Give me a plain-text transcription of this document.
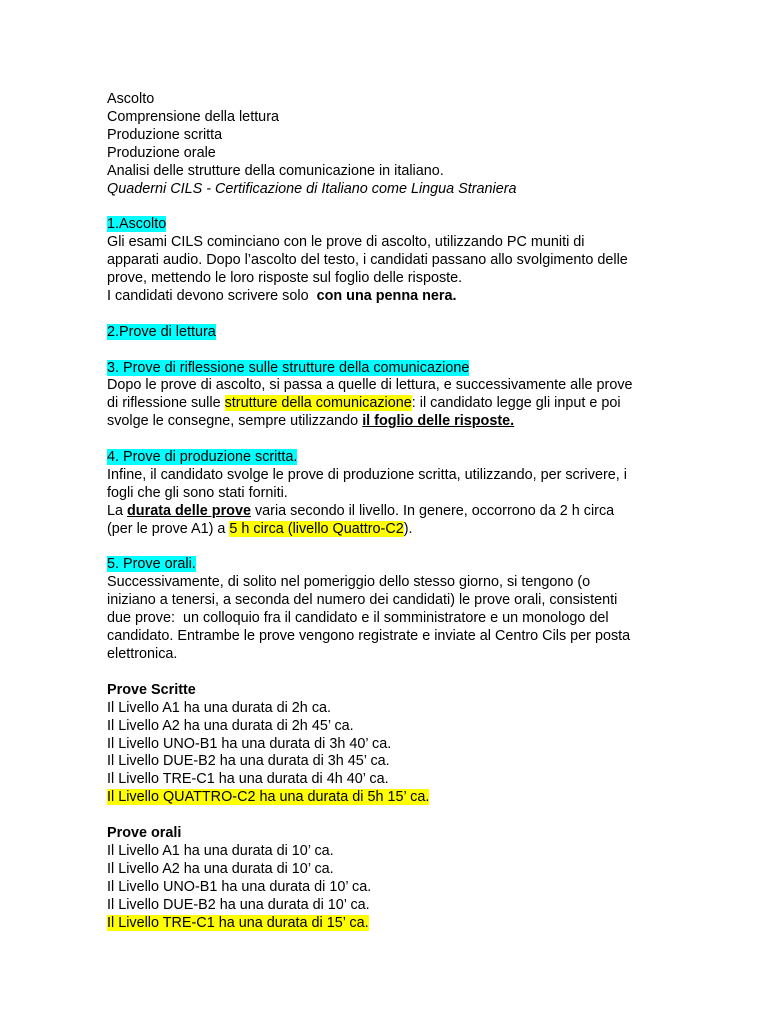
Ascolto
Comprensione della lettura
Produzione scritta
Produzione orale
Analisi delle strutture della comunicazione in italiano.
Quaderni CILS - Certificazione di Italiano come Lingua Straniera
1.Ascolto
Gli esami CILS cominciano con le prove di ascolto, utilizzando PC muniti di
apparati audio. Dopo l’ascolto del testo, i candidati passano allo svolgimento delle
prove, mettendo le loro risposte sul foglio delle risposte.
I candidati devono scrivere solo  con una penna nera.
2.Prove di lettura
3. Prove di riflessione sulle strutture della comunicazione
Dopo le prove di ascolto, si passa a quelle di lettura, e successivamente alle prove
di riflessione sulle strutture della comunicazione: il candidato legge gli input e poi
svolge le consegne, sempre utilizzando il foglio delle risposte.
4. Prove di produzione scritta.
Infine, il candidato svolge le prove di produzione scritta, utilizzando, per scrivere, i
fogli che gli sono stati forniti.
La durata delle prove varia secondo il livello. In genere, occorrono da 2 h circa
(per le prove A1) a 5 h circa (livello Quattro-C2).
5. Prove orali.
Successivamente, di solito nel pomeriggio dello stesso giorno, si tengono (o
iniziano a tenersi, a seconda del numero dei candidati) le prove orali, consistenti
due prove:  un colloquio fra il candidato e il somministratore e un monologo del
candidato. Entrambe le prove vengono registrate e inviate al Centro Cils per posta
elettronica.
Prove Scritte
Il Livello A1 ha una durata di 2h ca.
Il Livello A2 ha una durata di 2h 45’ ca.
Il Livello UNO-B1 ha una durata di 3h 40’ ca.
Il Livello DUE-B2 ha una durata di 3h 45’ ca.
Il Livello TRE-C1 ha una durata di 4h 40’ ca.
Il Livello QUATTRO-C2 ha una durata di 5h 15’ ca.
Prove orali
Il Livello A1 ha una durata di 10’ ca.
Il Livello A2 ha una durata di 10’ ca.
Il Livello UNO-B1 ha una durata di 10’ ca.
Il Livello DUE-B2 ha una durata di 10’ ca.
Il Livello TRE-C1 ha una durata di 15’ ca.
